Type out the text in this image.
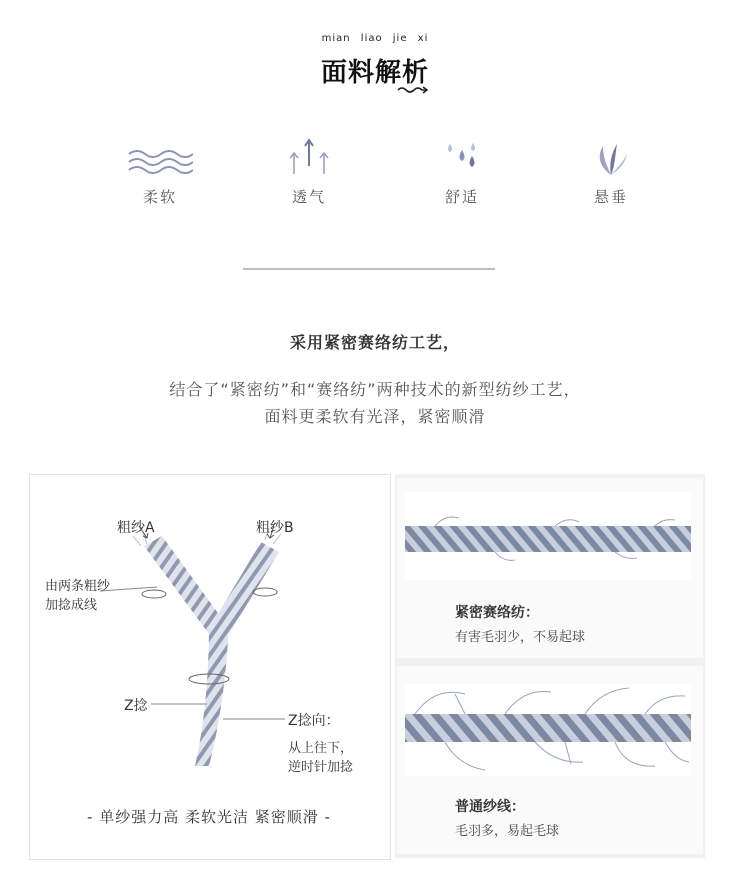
mian liao jie xi
面料解析
柔软	透气	舒适	悬垂
采用紧密赛络纺工艺，
结合了“紧密纺”和“赛络纺”两种技术的新型纺纱工艺，
面料更柔软有光泽，紧密顺滑
粗纱A	粗纱B
由两条粗纱
加捻成线
Z捻
Z捻向：
从上往下，
逆时针加捻
- 单纱强力高 柔软光洁 紧密顺滑 -
紧密赛络纺：
有害毛羽少，不易起球
普通纱线：
毛羽多，易起毛球
